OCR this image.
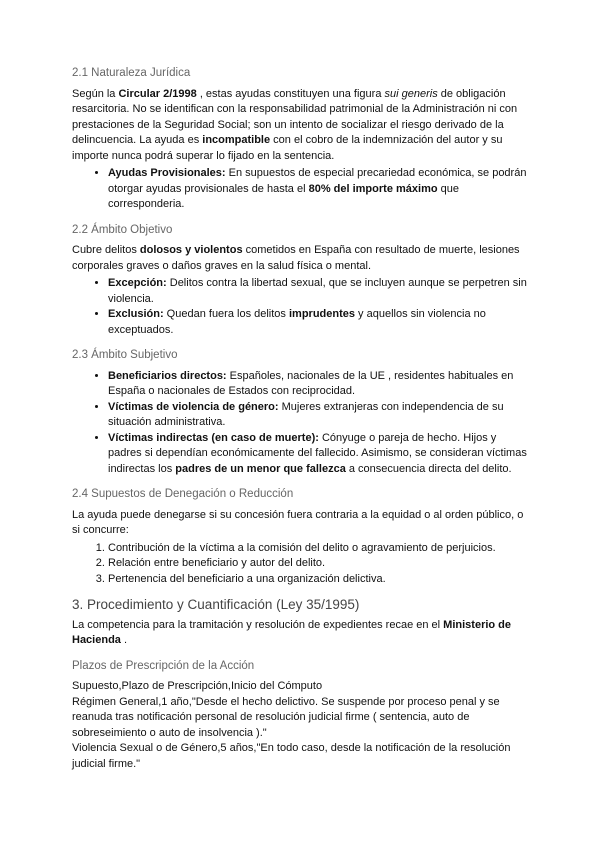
2.1 Naturaleza Jurídica

Según la Circular 2/1998 , estas ayudas constituyen una figura sui generis de obligación resarcitoria. No se identifican con la responsabilidad patrimonial de la Administración ni con prestaciones de la Seguridad Social; son un intento de socializar el riesgo derivado de la delincuencia. La ayuda es incompatible con el cobro de la indemnización del autor y su importe nunca podrá superar lo fijado en la sentencia.

• Ayudas Provisionales: En supuestos de especial precariedad económica, se podrán otorgar ayudas provisionales de hasta el 80% del importe máximo que corresponderia.
2.2 Ámbito Objetivo

Cubre delitos dolosos y violentos cometidos en España con resultado de muerte, lesiones corporales graves o daños graves en la salud física o mental.

• Excepción: Delitos contra la libertad sexual, que se incluyen aunque se perpetren sin violencia.
• Exclusión: Quedan fuera los delitos imprudentes y aquellos sin violencia no exceptuados.
2.3 Ámbito Subjetivo
• Beneficiarios directos: Españoles, nacionales de la UE , residentes habituales en España o nacionales de Estados con reciprocidad.
• Víctimas de violencia de género: Mujeres extranjeras con independencia de su situación administrativa.
• Víctimas indirectas (en caso de muerte): Cónyuge o pareja de hecho. Hijos y padres si dependían económicamente del fallecido. Asimismo, se consideran víctimas indirectas los padres de un menor que fallezca a consecuencia directa del delito.
2.4 Supuestos de Denegación o Reducción

La ayuda puede denegarse si su concesión fuera contraria a la equidad o al orden público, o si concurre:

1. Contribución de la víctima a la comisión del delito o agravamiento de perjuicios.
2. Relación entre beneficiario y autor del delito.
3. Pertenencia del beneficiario a una organización delictiva.
3. Procedimiento y Cuantificación (Ley 35/1995)

La competencia para la tramitación y resolución de expedientes recae en el Ministerio de Hacienda .

Plazos de Prescripción de la Acción
Supuesto,Plazo de Prescripción,Inicio del Cómputo
Régimen General,1 año,"Desde el hecho delictivo. Se suspende por proceso penal y se reanuda tras notificación personal de resolución judicial firme ( sentencia, auto de sobreseimiento o auto de insolvencia )."
Violencia Sexual o de Género,5 años,"En todo caso, desde la notificación de la resolución judicial firme."
